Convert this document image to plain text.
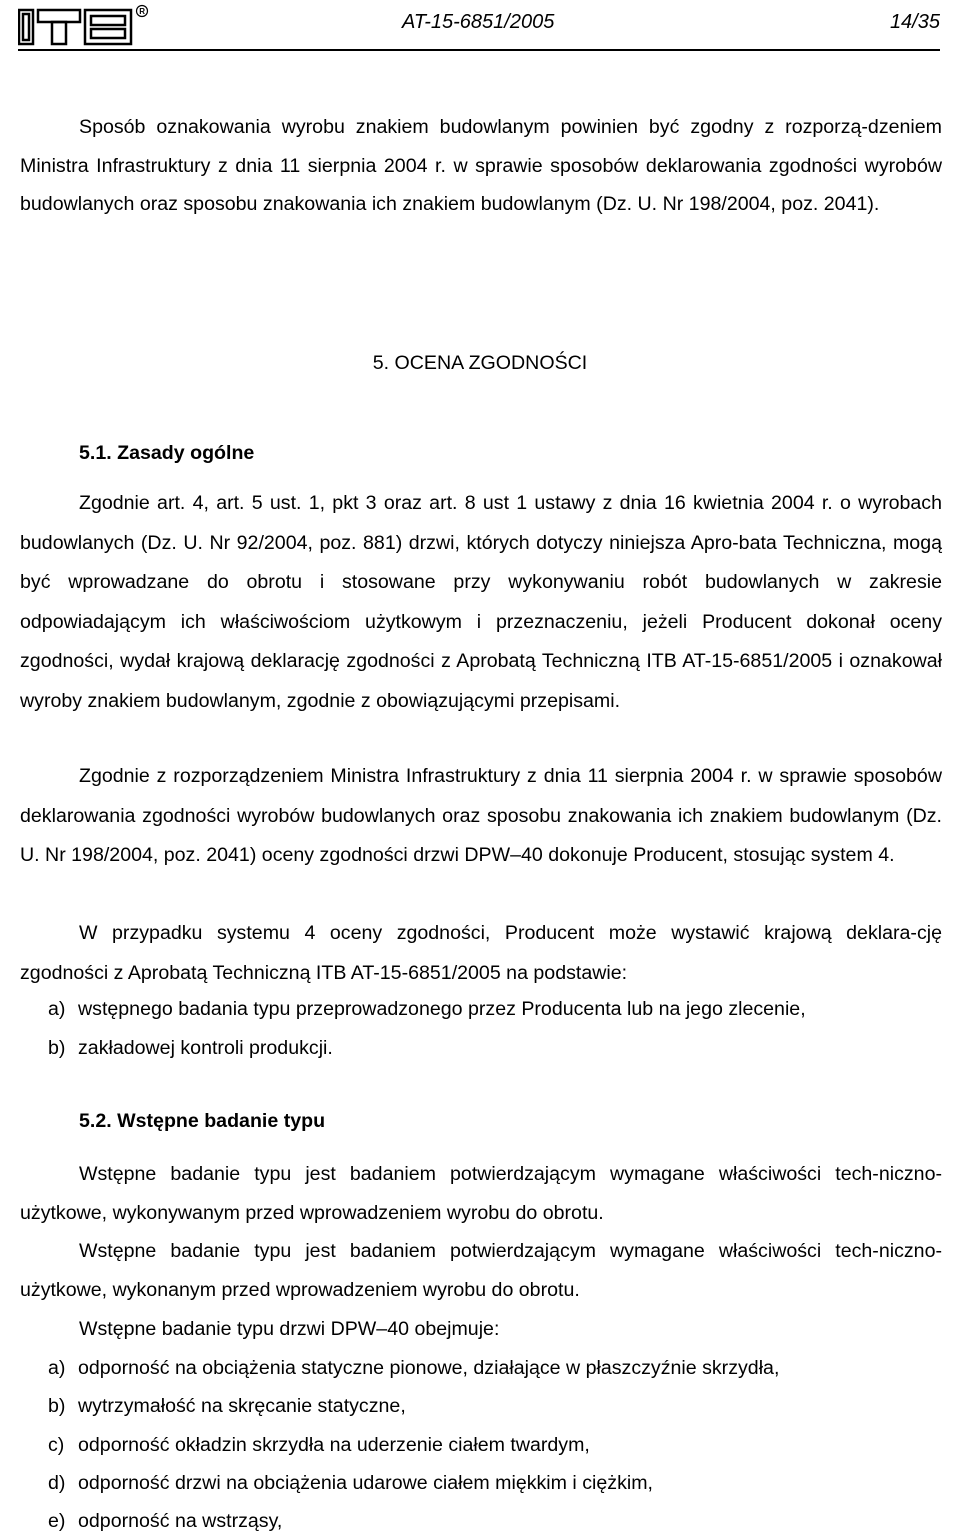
R	AT-15-6851/2005	14/35

Sposób oznakowania wyrobu znakiem budowlanym powinien być zgodny z rozporzą-dzeniem Ministra Infrastruktury z dnia 11 sierpnia 2004 r. w sprawie sposobów deklarowania zgodności wyrobów budowlanych oraz sposobu znakowania ich znakiem budowlanym (Dz. U. Nr 198/2004, poz. 2041).

5. OCENA ZGODNOŚCI

5.1. Zasady ogólne

Zgodnie art. 4, art. 5 ust. 1, pkt 3 oraz art. 8 ust 1 ustawy z dnia 16 kwietnia 2004 r. o wyrobach budowlanych (Dz. U. Nr 92/2004, poz. 881) drzwi, których dotyczy niniejsza Apro-bata Techniczna, mogą być wprowadzane do obrotu i stosowane przy wykonywaniu robót budowlanych w zakresie odpowiadającym ich właściwościom użytkowym i przeznaczeniu, jeżeli Producent dokonał oceny zgodności, wydał krajową deklarację zgodności z Aprobatą Techniczną ITB AT-15-6851/2005 i oznakował wyroby znakiem budowlanym, zgodnie z obowiązującymi przepisami.

Zgodnie z rozporządzeniem Ministra Infrastruktury z dnia 11 sierpnia 2004 r. w sprawie sposobów deklarowania zgodności wyrobów budowlanych oraz sposobu znakowania ich znakiem budowlanym (Dz. U. Nr 198/2004, poz. 2041) oceny zgodności drzwi DPW–40 dokonuje Producent, stosując system 4.

W przypadku systemu 4 oceny zgodności, Producent może wystawić krajową deklara-cję zgodności z Aprobatą Techniczną ITB AT-15-6851/2005 na podstawie:

a) wstępnego badania typu przeprowadzonego przez Producenta lub na jego zlecenie,
b) zakładowej kontroli produkcji.

5.2. Wstępne badanie typu

Wstępne badanie typu jest badaniem potwierdzającym wymagane właściwości tech-niczno-użytkowe, wykonywanym przed wprowadzeniem wyrobu do obrotu.

Wstępne badanie typu jest badaniem potwierdzającym wymagane właściwości tech-niczno-użytkowe, wykonanym przed wprowadzeniem wyrobu do obrotu.

Wstępne badanie typu drzwi DPW–40 obejmuje:

a) odporność na obciążenia statyczne pionowe, działające w płaszczyźnie skrzydła,
b) wytrzymałość na skręcanie statyczne,
c) odporność okładzin skrzydła na uderzenie ciałem twardym,
d) odporność drzwi na obciążenia udarowe ciałem miękkim i ciężkim,
e) odporność na wstrząsy,
